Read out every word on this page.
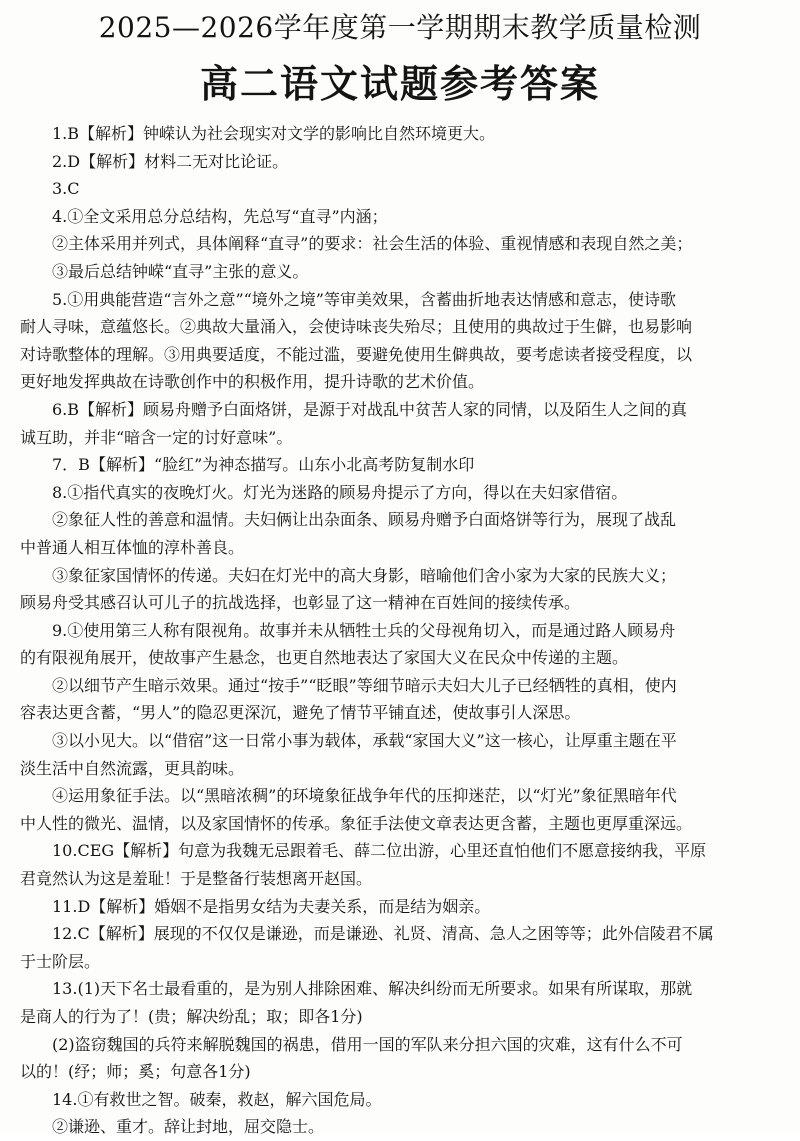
2025—2026学年度第一学期期末教学质量检测
高二语文试题参考答案
1.B【解析】钟嵘认为社会现实对文学的影响比自然环境更大。
2.D【解析】材料二无对比论证。
3.C
4.①全文采用总分总结构，先总写“直寻”内涵；
②主体采用并列式，具体阐释“直寻”的要求：社会生活的体验、重视情感和表现自然之美；
③最后总结钟嵘“直寻”主张的意义。
5.①用典能营造“言外之意”“境外之境”等审美效果，含蓄曲折地表达情感和意志，使诗歌
耐人寻味，意蕴悠长。②典故大量涌入，会使诗味丧失殆尽；且使用的典故过于生僻，也易影响
对诗歌整体的理解。③用典要适度，不能过滥，要避免使用生僻典故，要考虑读者接受程度，以
更好地发挥典故在诗歌创作中的积极作用，提升诗歌的艺术价值。
6.B【解析】顾易舟赠予白面烙饼，是源于对战乱中贫苦人家的同情，以及陌生人之间的真
诚互助，并非“暗含一定的讨好意味”。
7．B【解析】“脸红”为神态描写。山东小北高考防复制水印
8.①指代真实的夜晚灯火。灯光为迷路的顾易舟提示了方向，得以在夫妇家借宿。
②象征人性的善意和温情。夫妇俩让出杂面条、顾易舟赠予白面烙饼等行为，展现了战乱
中普通人相互体恤的淳朴善良。
③象征家国情怀的传递。夫妇在灯光中的高大身影，暗喻他们舍小家为大家的民族大义；
顾易舟受其感召认可儿子的抗战选择，也彰显了这一精神在百姓间的接续传承。
9.①使用第三人称有限视角。故事并未从牺牲士兵的父母视角切入，而是通过路人顾易舟
的有限视角展开，使故事产生悬念，也更自然地表达了家国大义在民众中传递的主题。
②以细节产生暗示效果。通过“按手”“眨眼”等细节暗示夫妇大儿子已经牺牲的真相，使内
容表达更含蓄，“男人”的隐忍更深沉，避免了情节平铺直述，使故事引人深思。
③以小见大。以“借宿”这一日常小事为载体，承载“家国大义”这一核心，让厚重主题在平
淡生活中自然流露，更具韵味。
④运用象征手法。以“黑暗浓稠”的环境象征战争年代的压抑迷茫，以“灯光”象征黑暗年代
中人性的微光、温情，以及家国情怀的传承。象征手法使文章表达更含蓄，主题也更厚重深远。
10.CEG【解析】句意为我魏无忌跟着毛、薛二位出游，心里还直怕他们不愿意接纳我，平原
君竟然认为这是羞耻！于是整备行装想离开赵国。
11.D【解析】婚姻不是指男女结为夫妻关系，而是结为姻亲。
12.C【解析】展现的不仅仅是谦逊，而是谦逊、礼贤、清高、急人之困等等；此外信陵君不属
于士阶层。
13.(1)天下名士最看重的，是为别人排除困难、解决纠纷而无所要求。如果有所谋取，那就
是商人的行为了！(贵；解决纷乱；取；即各1分)
(2)盗窃魏国的兵符来解脱魏国的祸患，借用一国的军队来分担六国的灾难，这有什么不可
以的！(纾；师；奚；句意各1分)
14.①有救世之智。破秦，救赵，解六国危局。
②谦逊、重才。辞让封地，屈交隐士。
